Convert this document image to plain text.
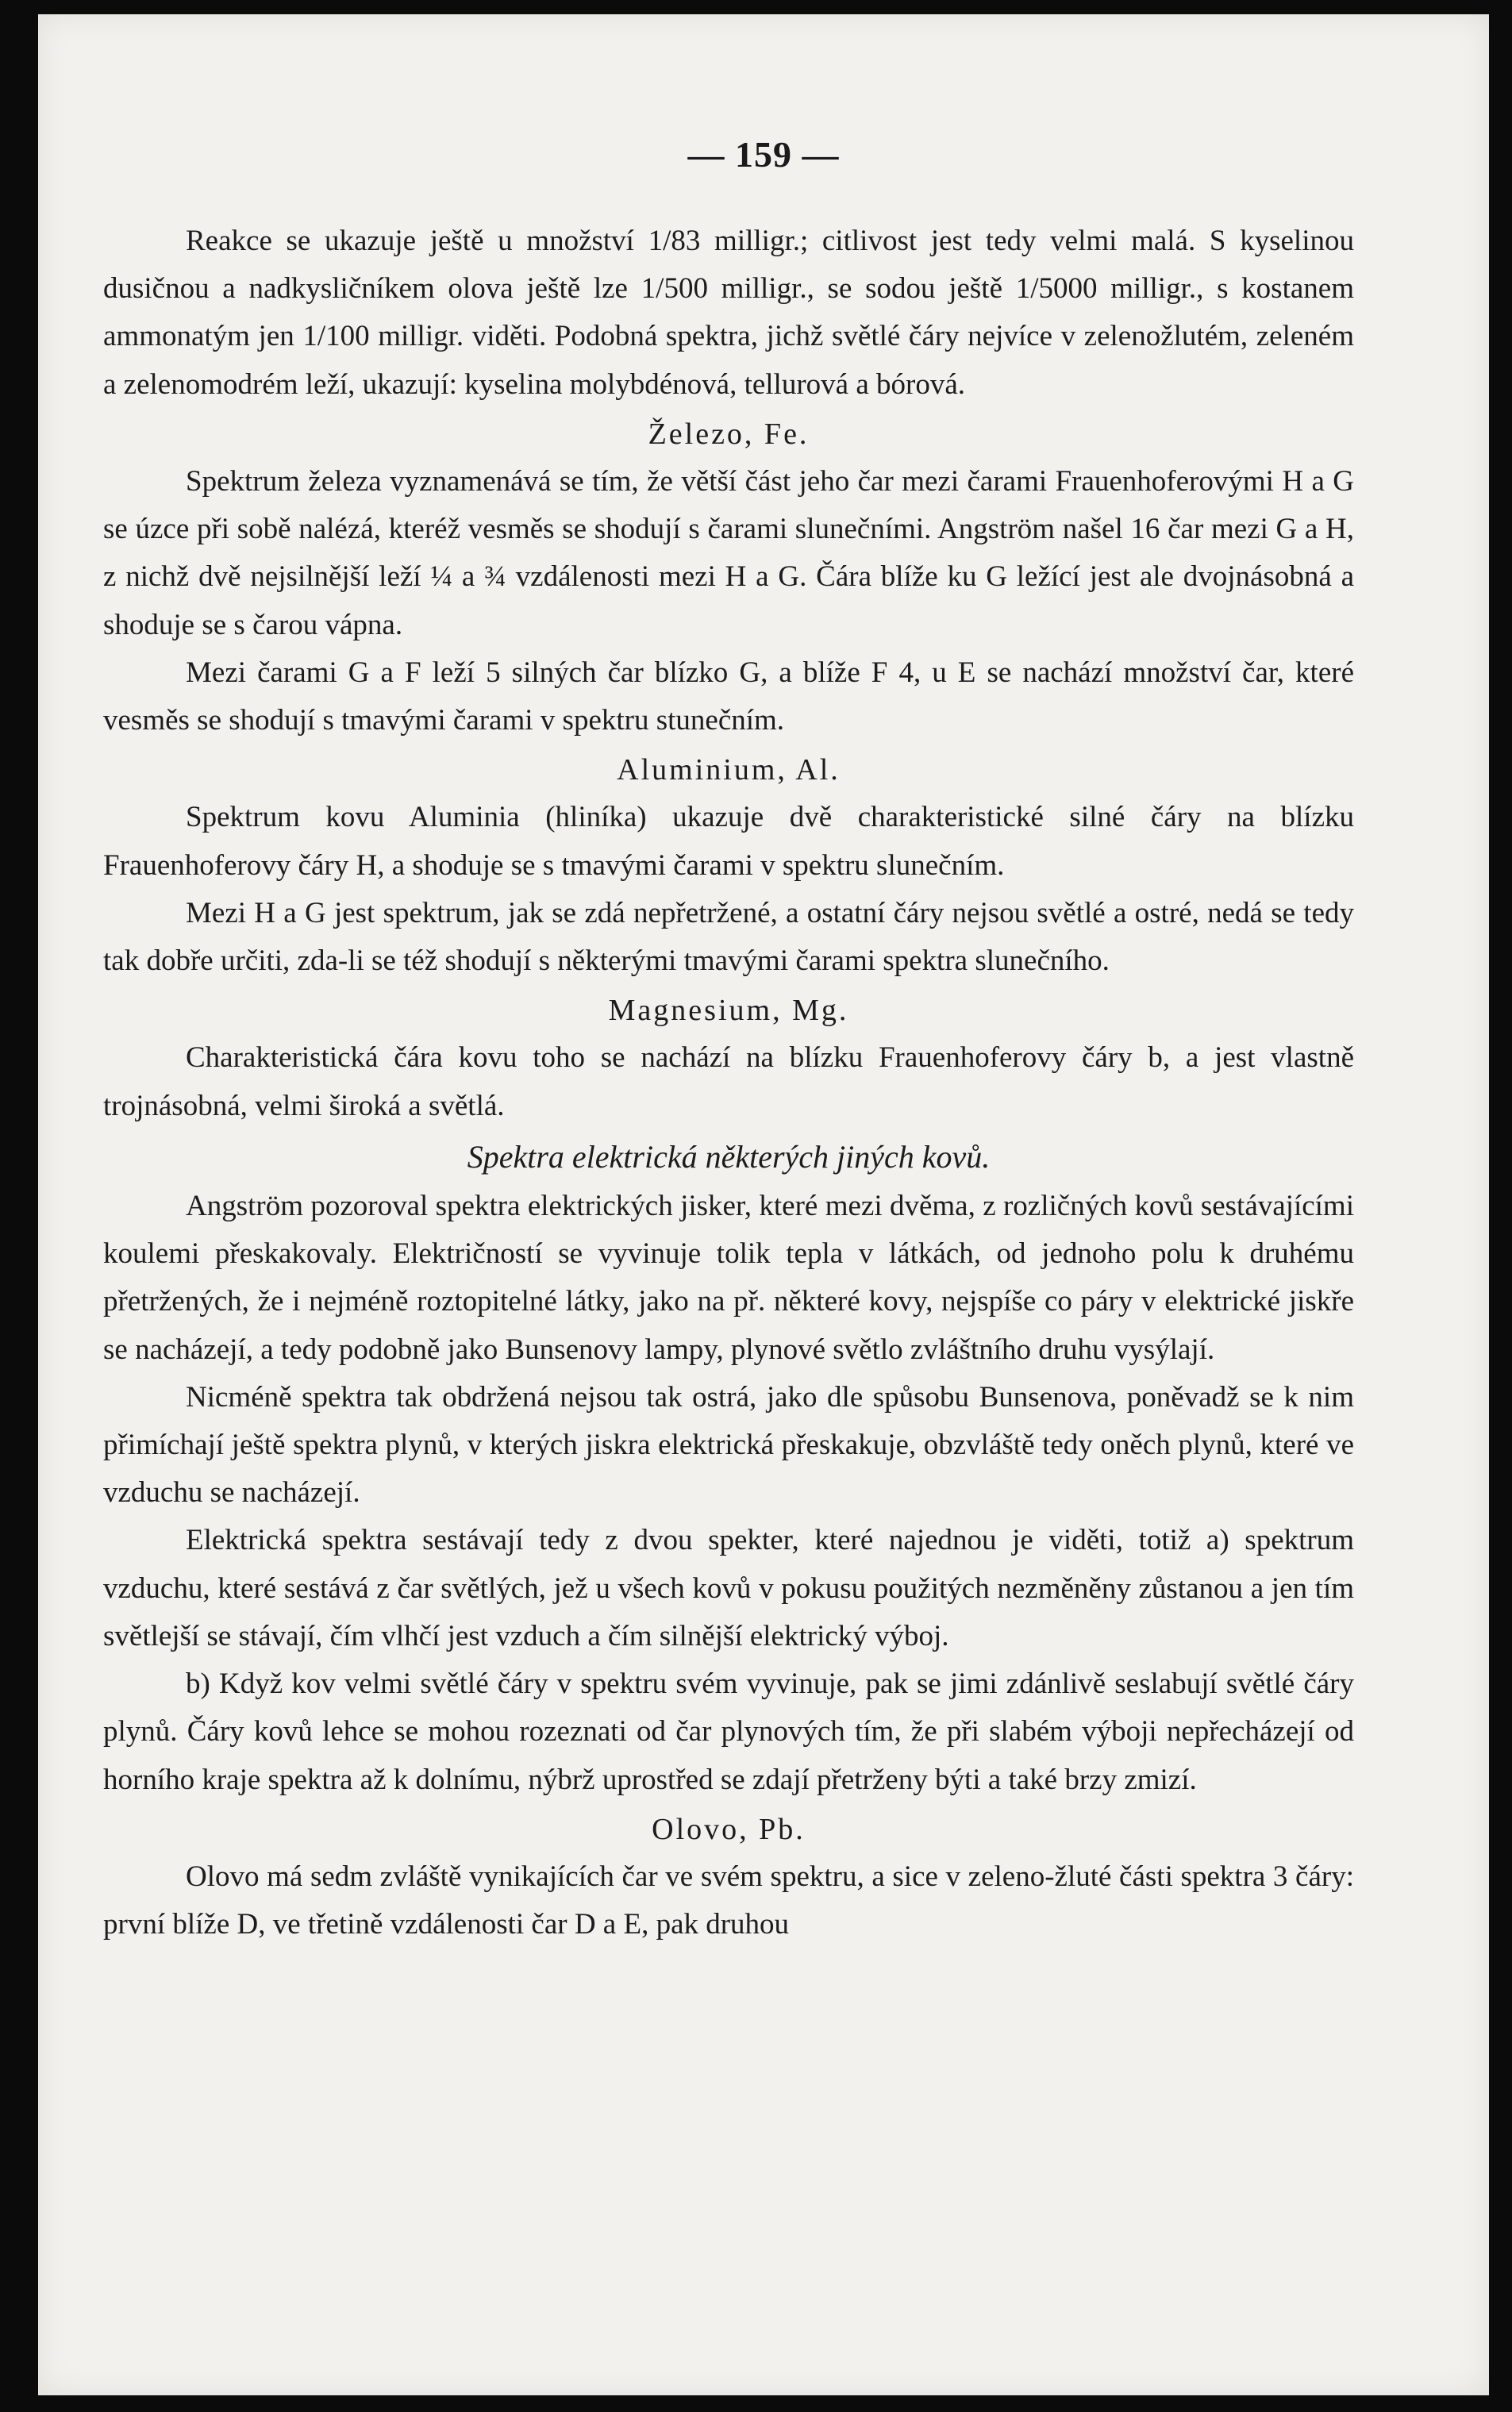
— 159 —

Reakce se ukazuje ještě u množství 1/83 milligr.; citlivost jest tedy velmi malá. S kyselinou dusičnou a nadkysličníkem olova ještě lze 1/500 milligr., se sodou ještě 1/5000 milligr., s kostanem ammonatým jen 1/100 milligr. viděti. Podobná spektra, jichž světlé čáry nejvíce v zelenožlutém, zeleném a zelenomodrém leží, ukazují: kyselina molybdénová, tellurová a bórová.

Železo, Fe.

Spektrum železa vyznamenává se tím, že větší část jeho čar mezi čarami Frauenhoferovými H a G se úzce při sobě nalézá, kteréž vesměs se shodují s čarami slunečními. Angström našel 16 čar mezi G a H, z nichž dvě nejsilnější leží ¼ a ¾ vzdálenosti mezi H a G. Čára blíže ku G ležící jest ale dvojnásobná a shoduje se s čarou vápna.

Mezi čarami G a F leží 5 silných čar blízko G, a blíže F 4, u E se nachází množství čar, které vesměs se shodují s tmavými čarami v spektru stunečním.

Aluminium, Al.

Spektrum kovu Aluminia (hliníka) ukazuje dvě charakteristické silné čáry na blízku Frauenhoferovy čáry H, a shoduje se s tmavými čarami v spektru slunečním.

Mezi H a G jest spektrum, jak se zdá nepřetržené, a ostatní čáry nejsou světlé a ostré, nedá se tedy tak dobře určiti, zda-li se též shodují s některými tmavými čarami spektra slunečního.

Magnesium, Mg.

Charakteristická čára kovu toho se nachází na blízku Frauenhoferovy čáry b, a jest vlastně trojnásobná, velmi široká a světlá.

Spektra elektrická některých jiných kovů.

Angström pozoroval spektra elektrických jisker, které mezi dvěma, z rozličných kovů sestávajícími koulemi přeskakovaly. Električností se vyvinuje tolik tepla v látkách, od jednoho polu k druhému přetržených, že i nejméně roztopitelné látky, jako na př. některé kovy, nejspíše co páry v elektrické jiskře se nacházejí, a tedy podobně jako Bunsenovy lampy, plynové světlo zvláštního druhu vysýlají.

Nicméně spektra tak obdržená nejsou tak ostrá, jako dle spůsobu Bunsenova, poněvadž se k nim přimíchají ještě spektra plynů, v kterých jiskra elektrická přeskakuje, obzvláště tedy oněch plynů, které ve vzduchu se nacházejí.

Elektrická spektra sestávají tedy z dvou spekter, které najednou je viděti, totiž a) spektrum vzduchu, které sestává z čar světlých, jež u všech kovů v pokusu použitých nezměněny zůstanou a jen tím světlejší se stávají, čím vlhčí jest vzduch a čím silnější elektrický výboj.

b) Když kov velmi světlé čáry v spektru svém vyvinuje, pak se jimi zdánlivě seslabují světlé čáry plynů. Čáry kovů lehce se mohou rozeznati od čar plynových tím, že při slabém výboji nepřecházejí od horního kraje spektra až k dolnímu, nýbrž uprostřed se zdají přetrženy býti a také brzy zmizí.

Olovo, Pb.

Olovo má sedm zvláště vynikajících čar ve svém spektru, a sice v zeleno-žluté části spektra 3 čáry: první blíže D, ve třetině vzdálenosti čar D a E, pak druhou
